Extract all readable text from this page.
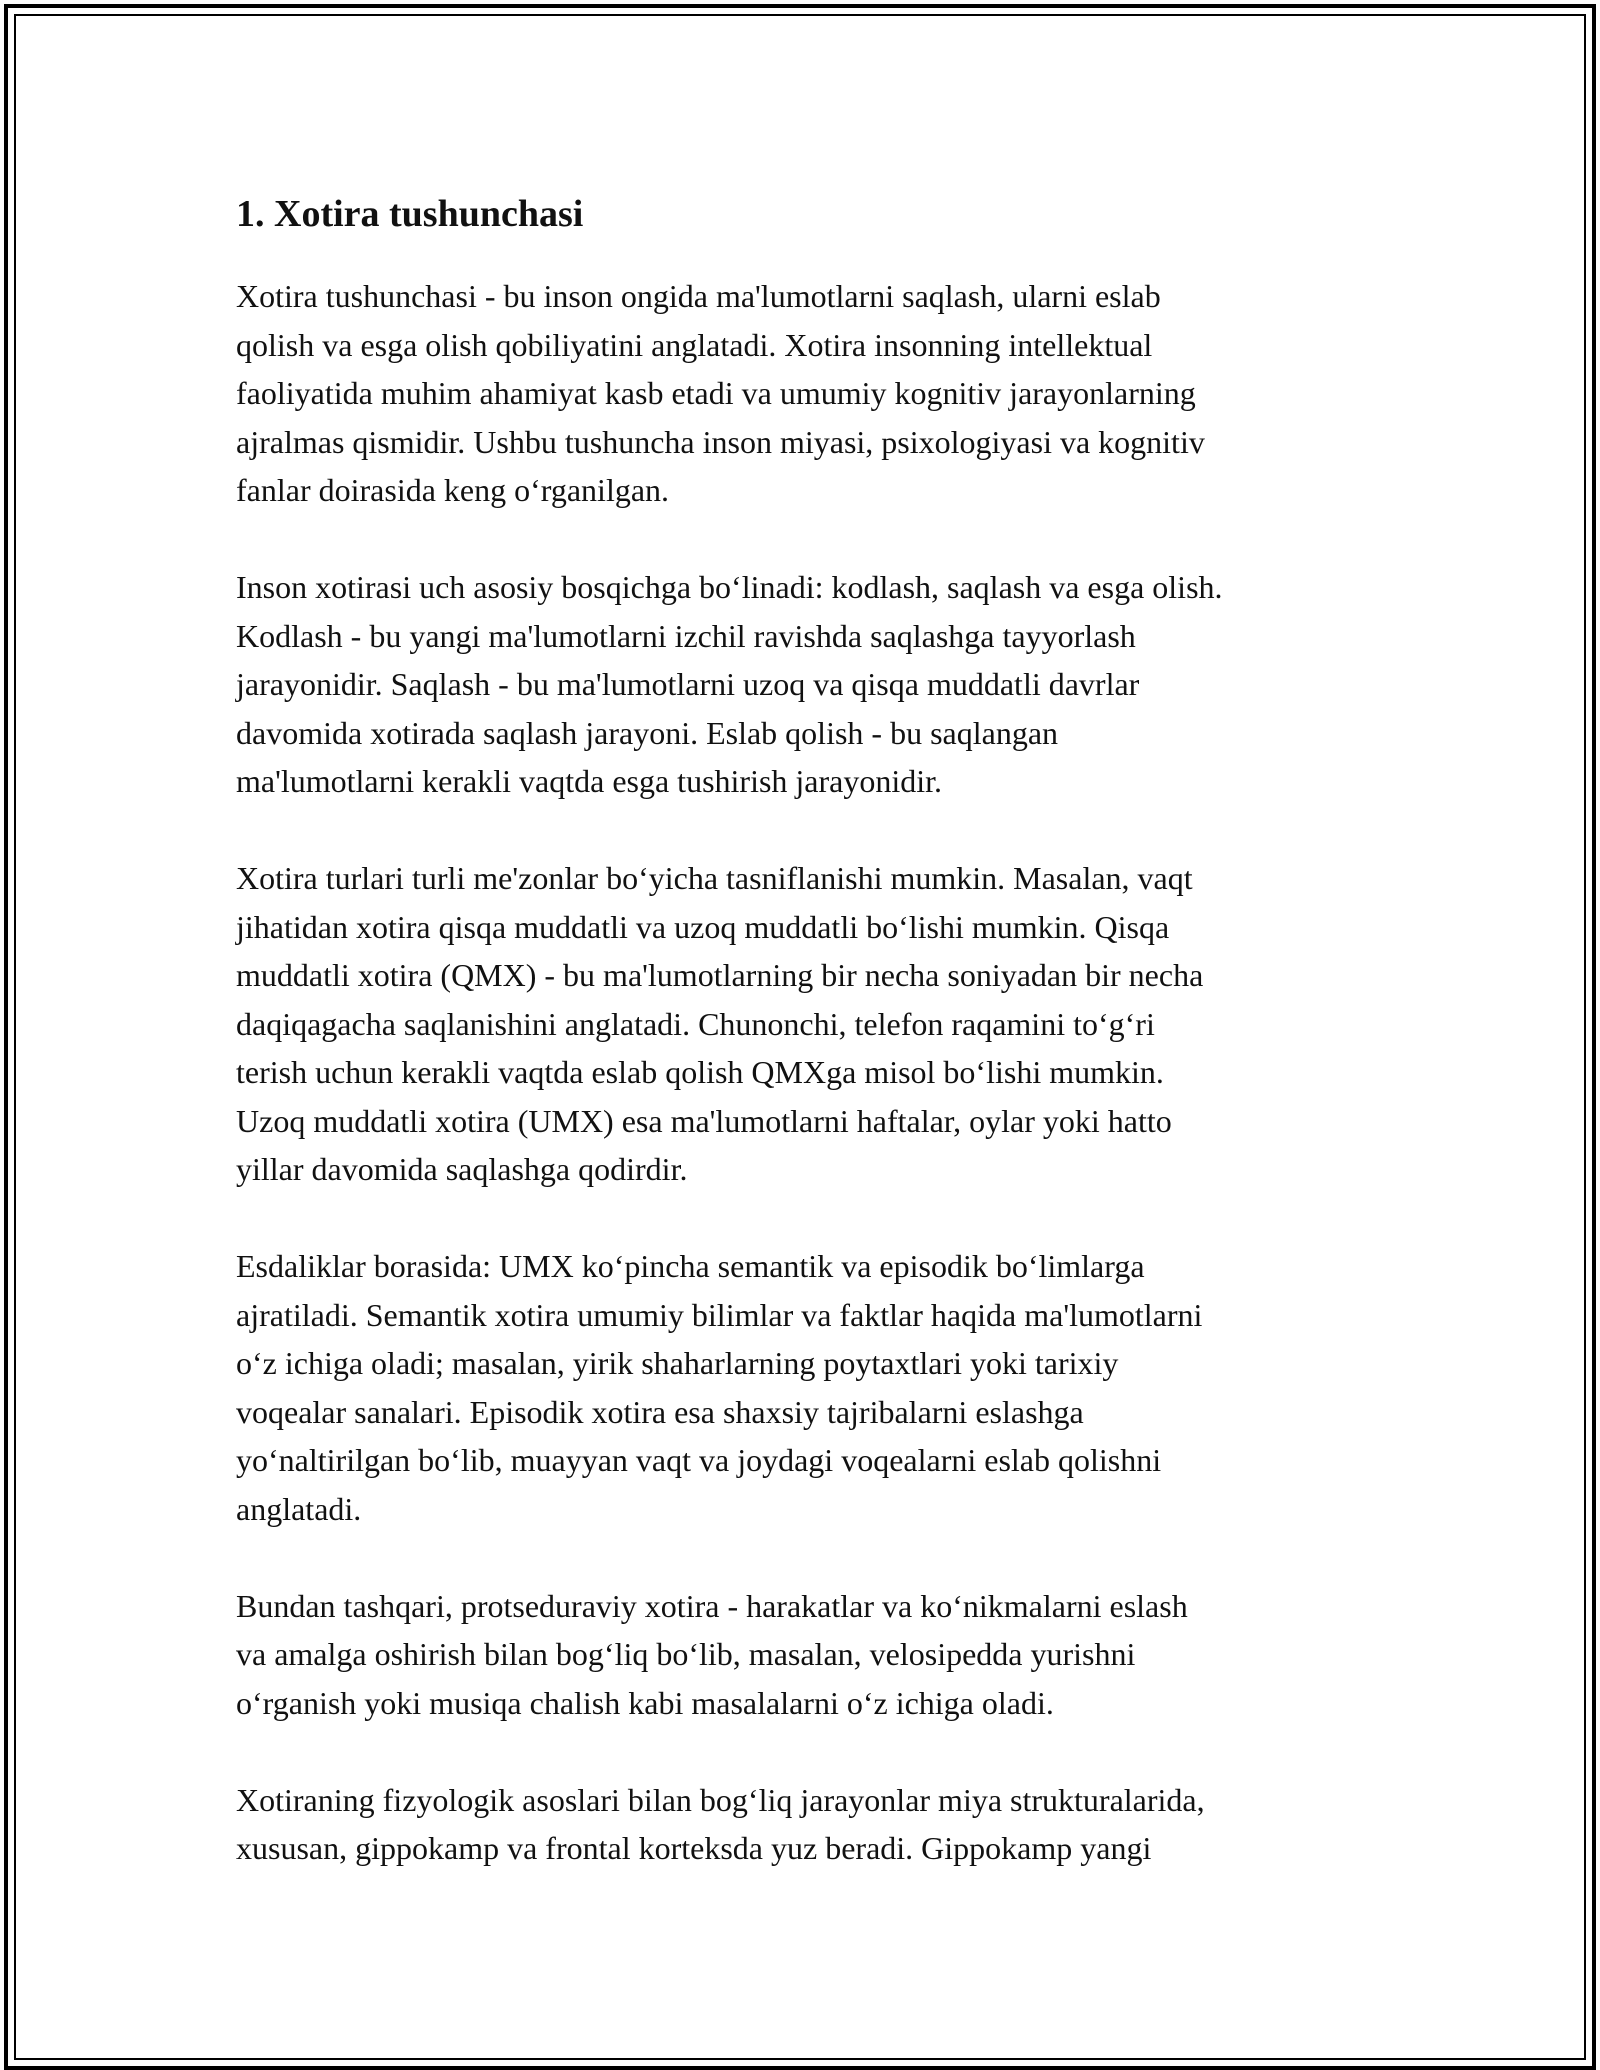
1. Xotira tushunchasi

Xotira tushunchasi - bu inson ongida ma'lumotlarni saqlash, ularni eslab
qolish va esga olish qobiliyatini anglatadi. Xotira insonning intellektual
faoliyatida muhim ahamiyat kasb etadi va umumiy kognitiv jarayonlarning
ajralmas qismidir. Ushbu tushuncha inson miyasi, psixologiyasi va kognitiv
fanlar doirasida keng o‘rganilgan.

Inson xotirasi uch asosiy bosqichga bo‘linadi: kodlash, saqlash va esga olish.
Kodlash - bu yangi ma'lumotlarni izchil ravishda saqlashga tayyorlash
jarayonidir. Saqlash - bu ma'lumotlarni uzoq va qisqa muddatli davrlar
davomida xotirada saqlash jarayoni. Eslab qolish - bu saqlangan
ma'lumotlarni kerakli vaqtda esga tushirish jarayonidir.

Xotira turlari turli me'zonlar bo‘yicha tasniflanishi mumkin. Masalan, vaqt
jihatidan xotira qisqa muddatli va uzoq muddatli bo‘lishi mumkin. Qisqa
muddatli xotira (QMX) - bu ma'lumotlarning bir necha soniyadan bir necha
daqiqagacha saqlanishini anglatadi. Chunonchi, telefon raqamini to‘g‘ri
terish uchun kerakli vaqtda eslab qolish QMXga misol bo‘lishi mumkin.
Uzoq muddatli xotira (UMX) esa ma'lumotlarni haftalar, oylar yoki hatto
yillar davomida saqlashga qodirdir.

Esdaliklar borasida: UMX ko‘pincha semantik va episodik bo‘limlarga
ajratiladi. Semantik xotira umumiy bilimlar va faktlar haqida ma'lumotlarni
o‘z ichiga oladi; masalan, yirik shaharlarning poytaxtlari yoki tarixiy
voqealar sanalari. Episodik xotira esa shaxsiy tajribalarni eslashga
yo‘naltirilgan bo‘lib, muayyan vaqt va joydagi voqealarni eslab qolishni
anglatadi.

Bundan tashqari, protseduraviy xotira - harakatlar va ko‘nikmalarni eslash
va amalga oshirish bilan bog‘liq bo‘lib, masalan, velosipedda yurishni
o‘rganish yoki musiqa chalish kabi masalalarni o‘z ichiga oladi.

Xotiraning fizyologik asoslari bilan bog‘liq jarayonlar miya strukturalarida,
xususan, gippokamp va frontal korteksda yuz beradi. Gippokamp yangi
